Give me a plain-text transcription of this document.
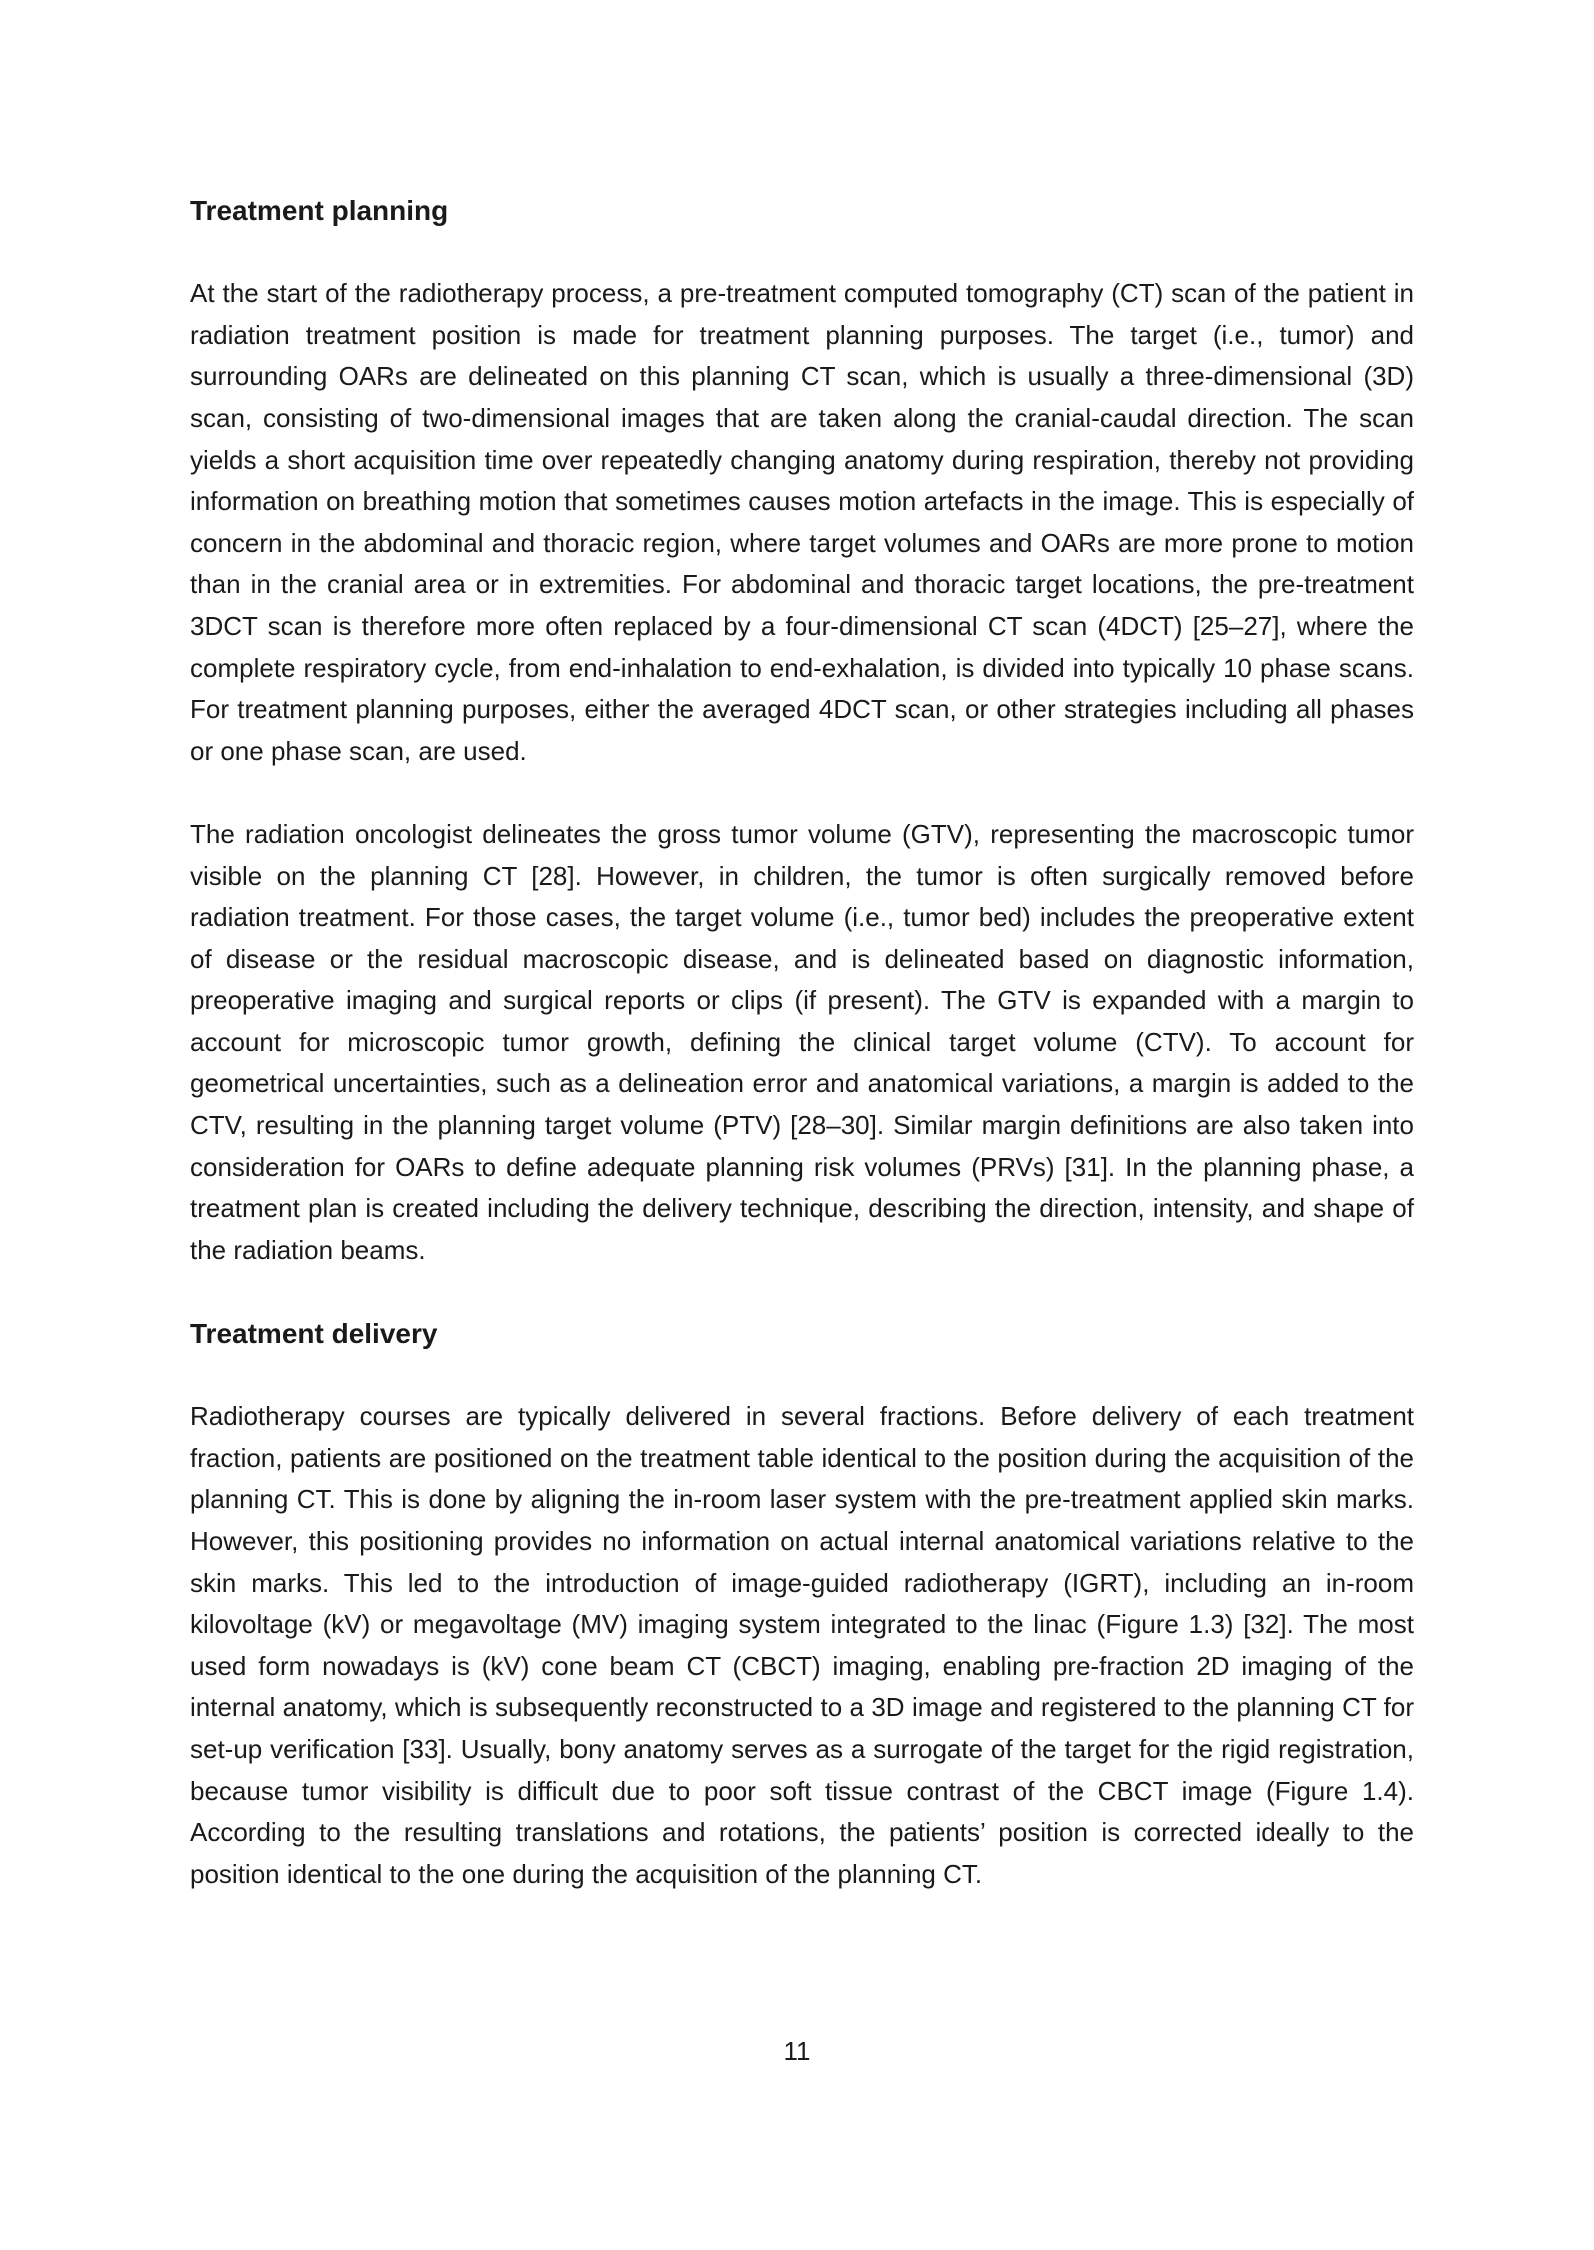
Treatment planning

At the start of the radiotherapy process, a pre-treatment computed tomography (CT) scan of the patient in radiation treatment position is made for treatment planning purposes. The target (i.e., tumor) and surrounding OARs are delineated on this planning CT scan, which is usually a three-dimensional (3D) scan, consisting of two-dimensional images that are taken along the cranial-caudal direction. The scan yields a short acquisition time over repeatedly changing anatomy during respiration, thereby not providing information on breathing motion that sometimes causes motion artefacts in the image. This is especially of concern in the abdominal and thoracic region, where target volumes and OARs are more prone to motion than in the cranial area or in extremities. For abdominal and thoracic target locations, the pre-treatment 3DCT scan is therefore more often replaced by a four-dimensional CT scan (4DCT) [25–27], where the complete respiratory cycle, from end-inhalation to end-exhalation, is divided into typically 10 phase scans. For treatment planning purposes, either the averaged 4DCT scan, or other strategies including all phases or one phase scan, are used.

The radiation oncologist delineates the gross tumor volume (GTV), representing the macroscopic tumor visible on the planning CT [28]. However, in children, the tumor is often surgically removed before radiation treatment. For those cases, the target volume (i.e., tumor bed) includes the preoperative extent of disease or the residual macroscopic disease, and is delineated based on diagnostic information, preoperative imaging and surgical reports or clips (if present). The GTV is expanded with a margin to account for microscopic tumor growth, defining the clinical target volume (CTV). To account for geometrical uncertainties, such as a delineation error and anatomical variations, a margin is added to the CTV, resulting in the planning target volume (PTV) [28–30]. Similar margin definitions are also taken into consideration for OARs to define adequate planning risk volumes (PRVs) [31]. In the planning phase, a treatment plan is created including the delivery technique, describing the direction, intensity, and shape of the radiation beams.

Treatment delivery

Radiotherapy courses are typically delivered in several fractions. Before delivery of each treatment fraction, patients are positioned on the treatment table identical to the position during the acquisition of the planning CT. This is done by aligning the in-room laser system with the pre-treatment applied skin marks. However, this positioning provides no information on actual internal anatomical variations relative to the skin marks. This led to the introduction of image-guided radiotherapy (IGRT), including an in-room kilovoltage (kV) or megavoltage (MV) imaging system integrated to the linac (Figure 1.3) [32]. The most used form nowadays is (kV) cone beam CT (CBCT) imaging, enabling pre-fraction 2D imaging of the internal anatomy, which is subsequently reconstructed to a 3D image and registered to the planning CT for set-up verification [33]. Usually, bony anatomy serves as a surrogate of the target for the rigid registration, because tumor visibility is difficult due to poor soft tissue contrast of the CBCT image (Figure 1.4). According to the resulting translations and rotations, the patients’ position is corrected ideally to the position identical to the one during the acquisition of the planning CT.

11
